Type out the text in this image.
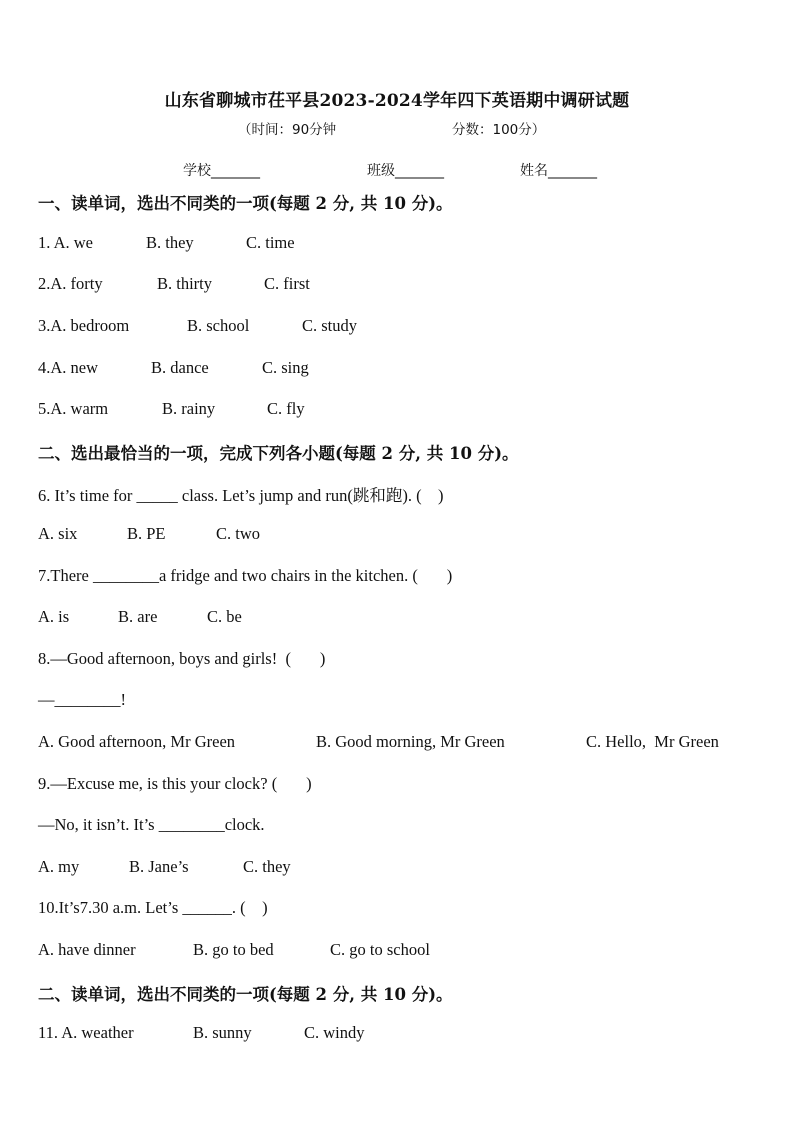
山东省聊城市茌平县2023-2024学年四下英语期中调研试题
（时间：90分钟	分数：100分）
学校_______	班级_______	姓名_______
一、读单词，选出不同类的一项(每题 2 分, 共 10 分)。
1. A. we	B. they	C. time
2.A. forty	B. thirty	C. first
3.A. bedroom	B. school	C. study
4.A. new	B. dance	C. sing
5.A. warm	B. rainy	C. fly
二、选出最恰当的一项，完成下列各小题(每题 2 分, 共 10 分)。
6. It’s time for _____ class. Let’s jump and run(跳和跑). (    )
A. six	B. PE	C. two
7.There ________a fridge and two chairs in the kitchen. (       )
A. is	B. are	C. be
8.—Good afternoon, boys and girls!  (       )
—________!
A. Good afternoon, Mr Green	B. Good morning, Mr Green	C. Hello,  Mr Green
9.—Excuse me, is this your clock? (       )
—No, it isn’t. It’s ________clock.
A. my	B. Jane’s	C. they
10.It’s7.30 a.m. Let’s ______. (    )
A. have dinner	B. go to bed	C. go to school
二、读单词，选出不同类的一项(每题 2 分, 共 10 分)。
11. A. weather	B. sunny	C. windy
